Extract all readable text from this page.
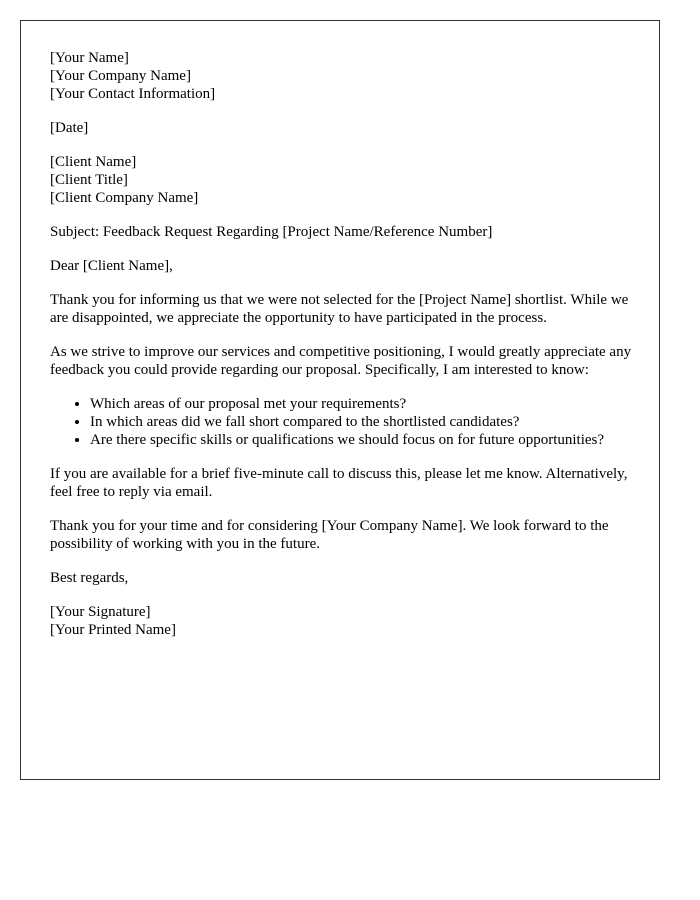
[Your Name]
[Your Company Name]
[Your Contact Information]
[Date]
[Client Name]
[Client Title]
[Client Company Name]

Subject: Feedback Request Regarding [Project Name/Reference Number]

Dear [Client Name],

Thank you for informing us that we were not selected for the [Project Name] shortlist. While we are disappointed, we appreciate the opportunity to have participated in the process.

As we strive to improve our services and competitive positioning, I would greatly appreciate any feedback you could provide regarding our proposal. Specifically, I am interested to know:

• Which areas of our proposal met your requirements?
• In which areas did we fall short compared to the shortlisted candidates?
• Are there specific skills or qualifications we should focus on for future opportunities?

If you are available for a brief five-minute call to discuss this, please let me know. Alternatively, feel free to reply via email.

Thank you for your time and for considering [Your Company Name]. We look forward to the possibility of working with you in the future.

Best regards,

[Your Signature]
[Your Printed Name]
